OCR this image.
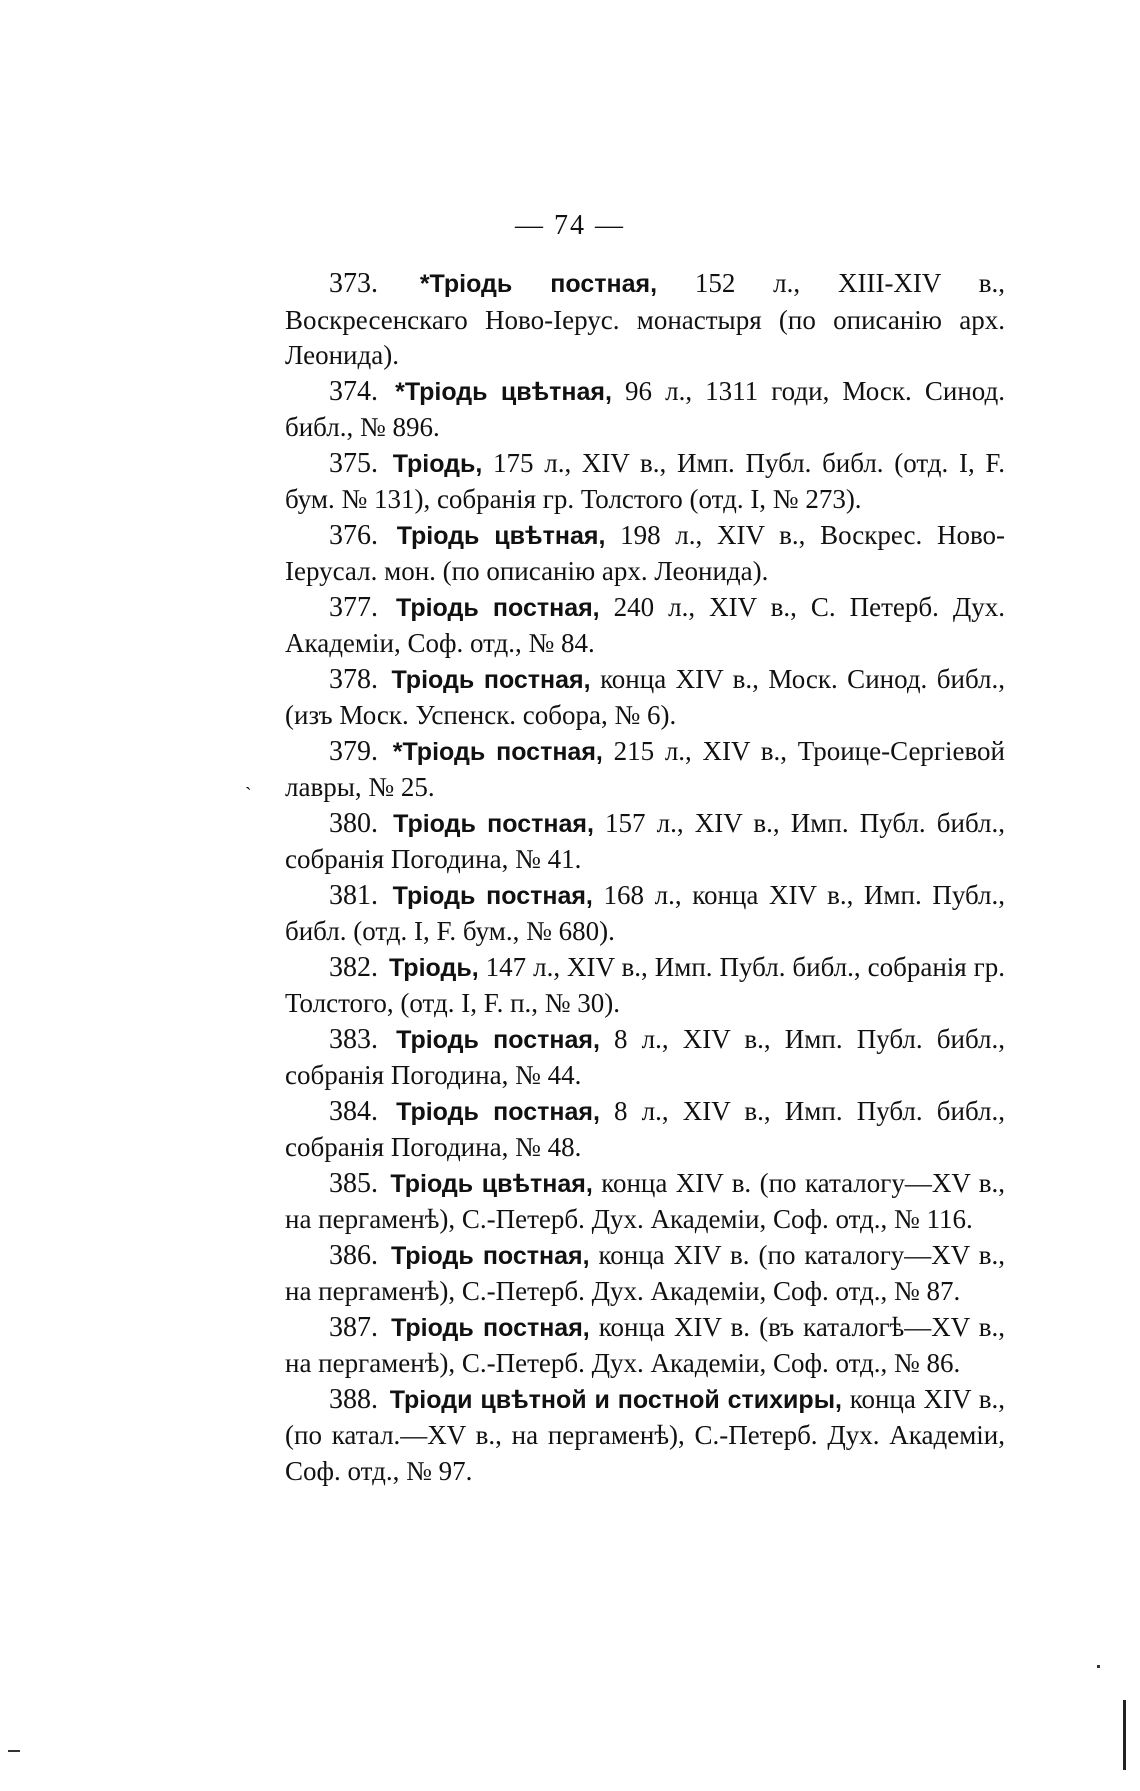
— 74 —
ˋ

373. *Тріодь постная, 152 л., XIII-XIV в., Воскресенскаго Ново-Іерус. монастыря (по описанію арх. Леонида).

374. *Тріодь цвѣтная, 96 л., 1311 годи, Моск. Синод. библ., № 896.

375. Тріодь, 175 л., XIV в., Имп. Публ. библ. (отд. I, F. бум. № 131), собранія гр. Толстого (отд. I, № 273).

376. Тріодь цвѣтная, 198 л., XIV в., Воскрес. Ново-Іерусал. мон. (по описанію арх. Леонида).

377. Тріодь постная, 240 л., XIV в., С. Петерб. Дух. Академіи, Соф. отд., № 84.

378. Тріодь постная, конца XIV в., Моск. Синод. библ., (изъ Моск. Успенск. собора, № 6).

379. *Тріодь постная, 215 л., XIV в., Троице-Сергіевой лавры, № 25.

380. Тріодь постная, 157 л., XIV в., Имп. Публ. библ., собранія Погодина, № 41.

381. Тріодь постная, 168 л., конца XIV в., Имп. Публ., библ. (отд. I, F. бум., № 680).

382. Тріодь, 147 л., XIV в., Имп. Публ. библ., собранія гр. Толстого, (отд. I, F. п., № 30).

383. Тріодь постная, 8 л., XIV в., Имп. Публ. библ., собранія Погодина, № 44.

384. Тріодь постная, 8 л., XIV в., Имп. Публ. библ., собранія Погодина, № 48.

385. Тріодь цвѣтная, конца XIV в. (по каталогу—XV в., на пергаменѣ), С.-Петерб. Дух. Академіи, Соф. отд., № 116.

386. Тріодь постная, конца XIV в. (по каталогу—XV в., на пергаменѣ), С.-Петерб. Дух. Академіи, Соф. отд., № 87.

387. Тріодь постная, конца XIV в. (въ каталогѣ—XV в., на пергаменѣ), С.-Петерб. Дух. Академіи, Соф. отд., № 86.

388. Тріоди цвѣтной и постной стихиры, конца XIV в., (по катал.—XV в., на пергаменѣ), С.-Петерб. Дух. Академіи, Соф. отд., № 97.
